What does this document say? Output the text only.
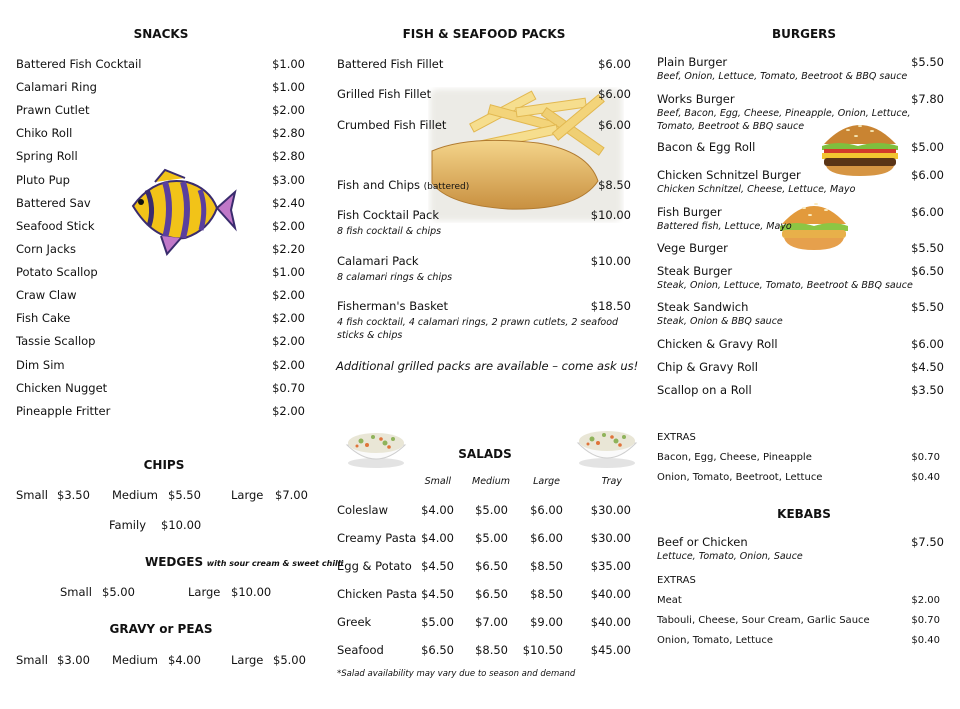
SNACKS
Battered Fish Cocktail	$1.00
Calamari Ring	$1.00
Prawn Cutlet	$2.00
Chiko Roll	$2.80
Spring Roll	$2.80
Pluto Pup	$3.00
Battered Sav	$2.40
Seafood Stick	$2.00
Corn Jacks	$2.20
Potato Scallop	$1.00
Craw Claw	$2.00
Fish Cake	$2.00
Tassie Scallop	$2.00
Dim Sim	$2.00
Chicken Nugget	$0.70
Pineapple Fritter	$2.00
CHIPS
Small $3.50 Medium $5.50	Large $7.00
Family $10.00
WEDGES with sour cream & sweet chilli
Small $5.00	Large $10.00
GRAVY or PEAS
Small $3.00 Medium $4.00	Large $5.00
FISH & SEAFOOD PACKS
Battered Fish Fillet	$6.00
Grilled Fish Fillet	$6.00
Crumbed Fish Fillet	$6.00
Fish and Chips (battered)	$8.50
Fish Cocktail Pack	$10.00
8 fish cocktail & chips
Calamari Pack	$10.00
8 calamari rings & chips
Fisherman's Basket	$18.50
4 fish cocktail, 4 calamari rings, 2 prawn cutlets, 2 seafood sticks & chips
Additional grilled packs are available – come ask us!
SALADS
Small Medium Large	Tray
Coleslaw	$4.00 $5.00 $6.00 $30.00
Creamy Pasta $4.00 $5.00 $6.00 $30.00
Egg & Potato $4.50 $6.50 $8.50 $35.00
Chicken Pasta $4.50 $6.50 $8.50 $40.00
Greek	$5.00 $7.00 $9.00 $40.00
Seafood	$6.50 $8.50 $10.50 $45.00
*Salad availability may vary due to season and demand
BURGERS
Plain Burger	$5.50
Beef, Onion, Lettuce, Tomato, Beetroot & BBQ sauce
Works Burger	$7.80
Beef, Bacon, Egg, Cheese, Pineapple, Onion, Lettuce, Tomato, Beetroot & BBQ sauce
Bacon & Egg Roll	$5.00
Chicken Schnitzel Burger	$6.00
Chicken Schnitzel, Cheese, Lettuce, Mayo
Fish Burger	$6.00
Battered fish, Lettuce, Mayo
Vege Burger	$5.50
Steak Burger	$6.50
Steak, Onion, Lettuce, Tomato, Beetroot & BBQ sauce
Steak Sandwich	$5.50
Steak, Onion & BBQ sauce
Chicken & Gravy Roll	$6.00
Chip & Gravy Roll	$4.50
Scallop on a Roll	$3.50
EXTRAS
Bacon, Egg, Cheese, Pineapple	$0.70
Onion, Tomato, Beetroot, Lettuce	$0.40
KEBABS
Beef or Chicken	$7.50
Lettuce, Tomato, Onion, Sauce
EXTRAS
Meat	$2.00
Tabouli, Cheese, Sour Cream, Garlic Sauce	$0.70
Onion, Tomato, Lettuce	$0.40
